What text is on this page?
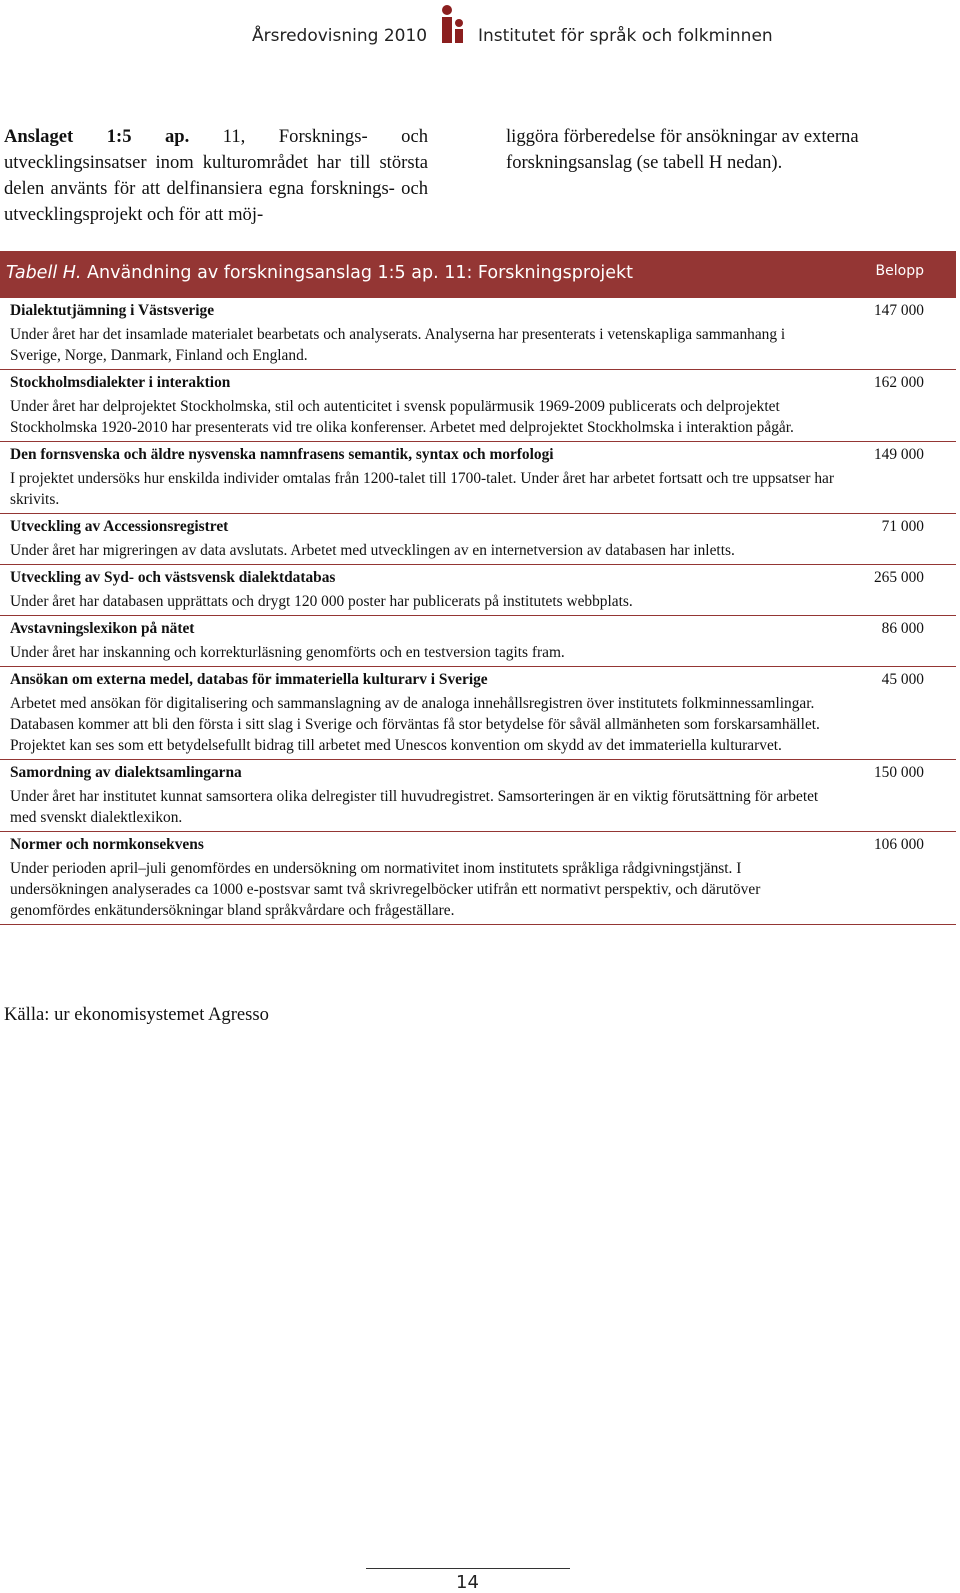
Årsredovisning 2010	Institutet för språk och folkminnen
Anslaget 1:5 ap. 11, Forsknings- och utvecklingsinsatser inom kulturområdet har till största delen använts för att delfinansiera egna forsknings- och utvecklingsprojekt och för att möj-
liggöra förberedelse för ansökningar av externa forskningsanslag (se tabell H nedan).
Tabell H. Användning av forskningsanslag 1:5 ap. 11: Forskningsprojekt	Belopp
Dialektutjämning i Västsverige	147 000
Under året har det insamlade materialet bearbetats och analyserats. Analyserna har presenterats i vetenskapliga sammanhang i Sverige, Norge, Danmark, Finland och England.
Stockholmsdialekter i interaktion	162 000
Under året har delprojektet Stockholmska, stil och autenticitet i svensk populärmusik 1969-2009 publicerats och delprojektet Stockholmska 1920-2010 har presenterats vid tre olika konferenser. Arbetet med delprojektet Stockholmska i interaktion pågår.
Den fornsvenska och äldre nysvenska namnfrasens semantik, syntax och morfologi	149 000
I projektet undersöks hur enskilda individer omtalas från 1200-talet till 1700-talet. Under året har arbetet fortsatt och tre uppsatser har skrivits.
Utveckling av Accessionsregistret	71 000
Under året har migreringen av data avslutats. Arbetet med utvecklingen av en internetversion av databasen har inletts.
Utveckling av Syd- och västsvensk dialektdatabas	265 000
Under året har databasen upprättats och drygt 120 000 poster har publicerats på institutets webbplats.
Avstavningslexikon på nätet	86 000
Under året har inskanning och korrekturläsning genomförts och en testversion tagits fram.
Ansökan om externa medel, databas för immateriella kulturarv i Sverige	45 000
Arbetet med ansökan för digitalisering och sammanslagning av de analoga innehållsregistren över institutets folkminnessamlingar. Databasen kommer att bli den första i sitt slag i Sverige och förväntas få stor betydelse för såväl allmänheten som forskarsamhället. Projektet kan ses som ett betydelsefullt bidrag till arbetet med Unescos konvention om skydd av det immateriella kulturarvet.
Samordning av dialektsamlingarna	150 000
Under året har institutet kunnat samsortera olika delregister till huvudregistret. Samsorteringen är en viktig förutsättning för arbetet med svenskt dialektlexikon.
Normer och normkonsekvens	106 000
Under perioden april–juli genomfördes en undersökning om normativitet inom institutets språkliga rådgivningstjänst. I undersökningen analyserades ca 1000 e-postsvar samt två skrivregelböcker utifrån ett normativt perspektiv, och därutöver genomfördes enkätundersökningar bland språkvårdare och frågeställare.
Källa: ur ekonomisystemet Agresso
14
